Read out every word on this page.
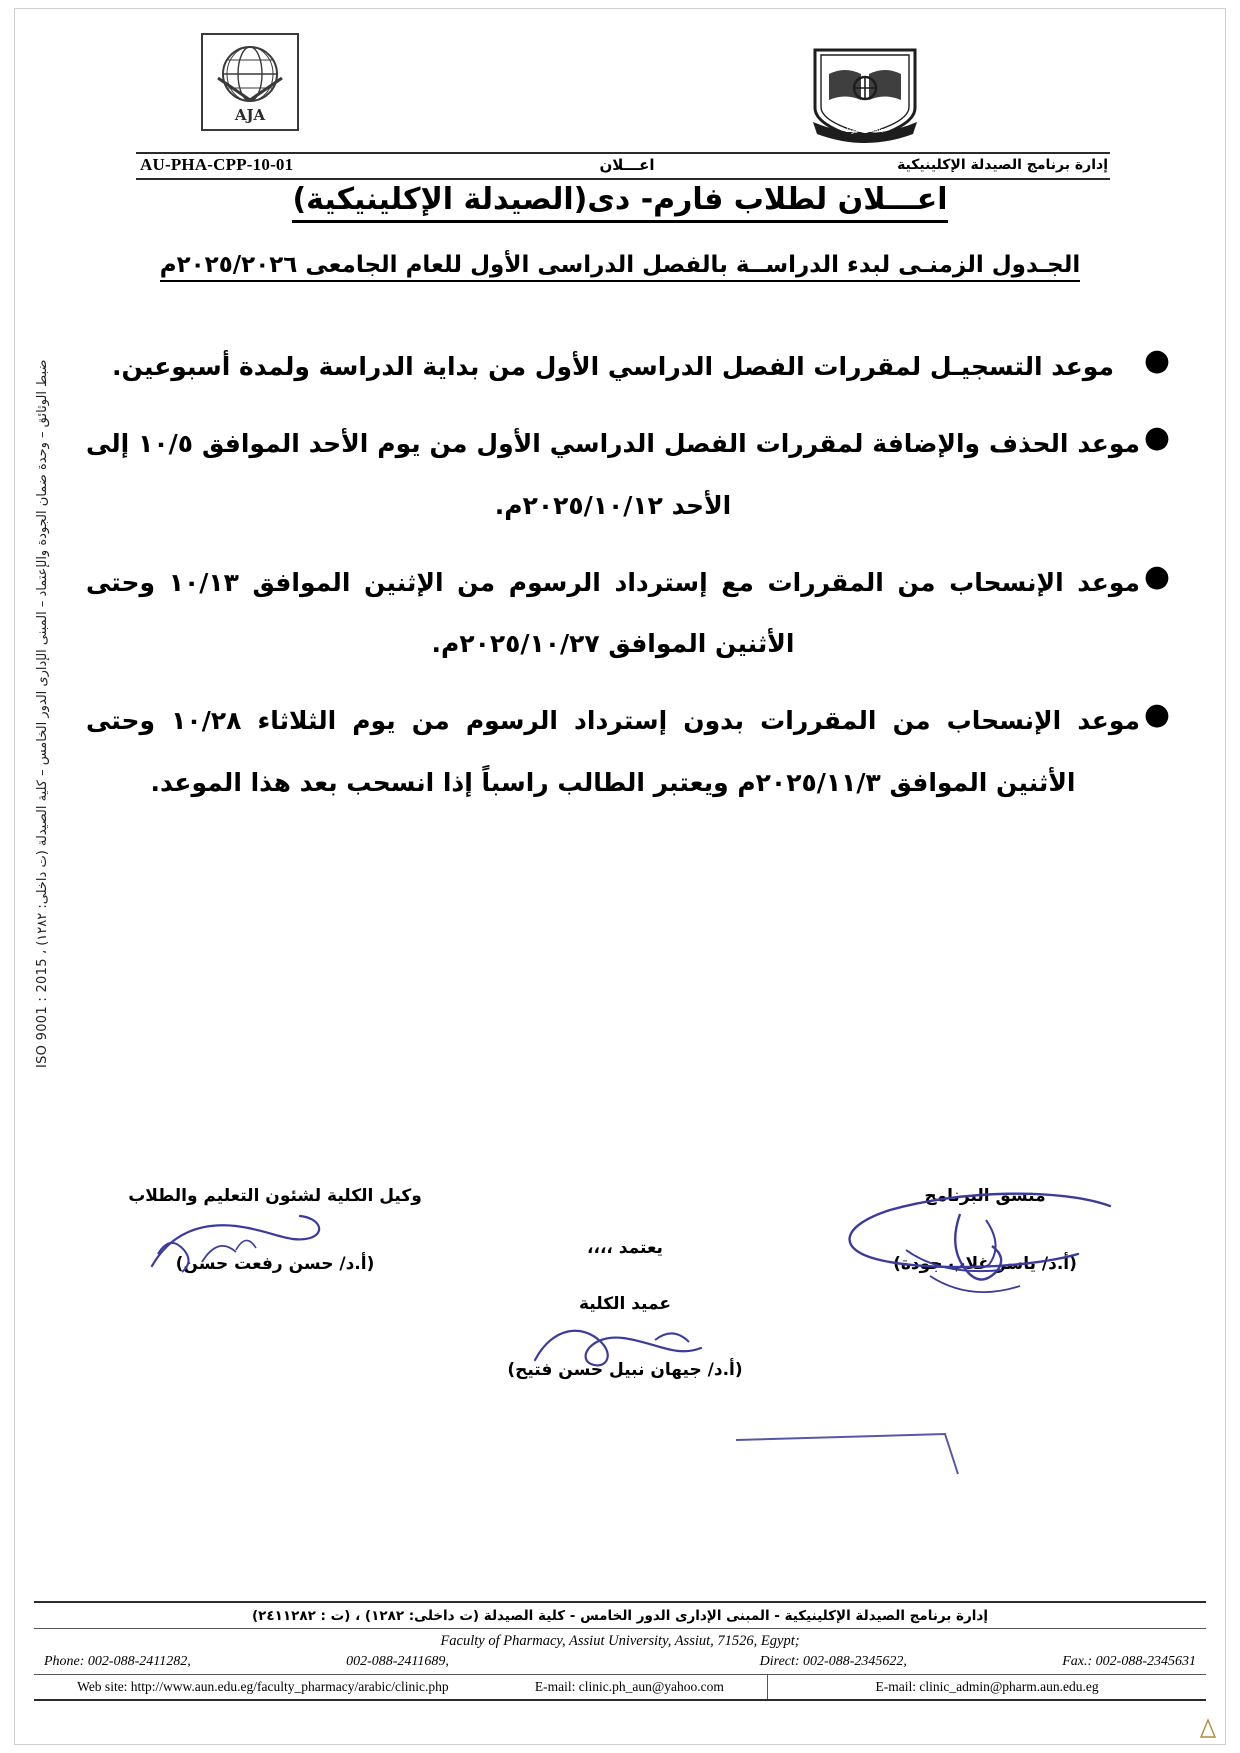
AJA
جامعة أسيوط
AU-PHA-CPP-10-01	اعـــلان	إدارة برنامج الصيدلة الإكلينيكية
اعـــلان لطلاب فارم- دى(الصيدلة الإكلينيكية)
الجـدول الزمنـى لبدء الدراســة بالفصل الدراسى الأول للعام الجامعى ٢٠٢٥/٢٠٢٦م
ضبط الوثائق – وحدة ضمان الجودة والإعتماد – المبنى الإدارى الدور الخامس – كلية الصيدلة (ت داخلى: ١٢٨٢) ، ISO 9001 : 2015	●
موعد التسجيـل لمقررات الفصل الدراسي الأول من بداية الدراسة ولمدة أسبوعين.
●
موعد الحذف والإضافة لمقررات الفصل الدراسي الأول من يوم الأحد الموافق ١٠/٥ إلى الأحد ٢٠٢٥/١٠/١٢م.
●
موعد الإنسحاب من المقررات مع إسترداد الرسوم من الإثنين الموافق ١٠/١٣ وحتى الأثنين الموافق ٢٠٢٥/١٠/٢٧م.
●
موعد الإنسحاب من المقررات بدون إسترداد الرسوم من يوم الثلاثاء ١٠/٢٨ وحتى الأثنين الموافق ٢٠٢٥/١١/٣م ويعتبر الطالب راسباً إذا انسحب بعد هذا الموعد.
وكيل الكلية لشئون التعليم والطلاب
(أ.د/ حسن رفعت حسن)
منسق البرنامج
(أ.د/ ياسر غلاب جودة)
يعتمد ،،،،
عميد الكلية
(أ.د/ جيهان نبيل حسن فتيح)
إدارة برنامج الصيدلة الإكلينيكية - المبنى الإدارى الدور الخامس - كلية الصيدلة (ت داخلى: ١٢٨٢) ، (ت : ٢٤١١٢٨٢)
Faculty of Pharmacy, Assiut University, Assiut, 71526, Egypt;
Phone: 002-088-2411282,	002-088-2411689,	Direct: 002-088-2345622,	Fax.: 002-088-2345631
Web site: http://www.aun.edu.eg/faculty_pharmacy/arabic/clinic.php	E-mail: clinic.ph_aun@yahoo.com	E-mail: clinic_admin@pharm.aun.edu.eg
